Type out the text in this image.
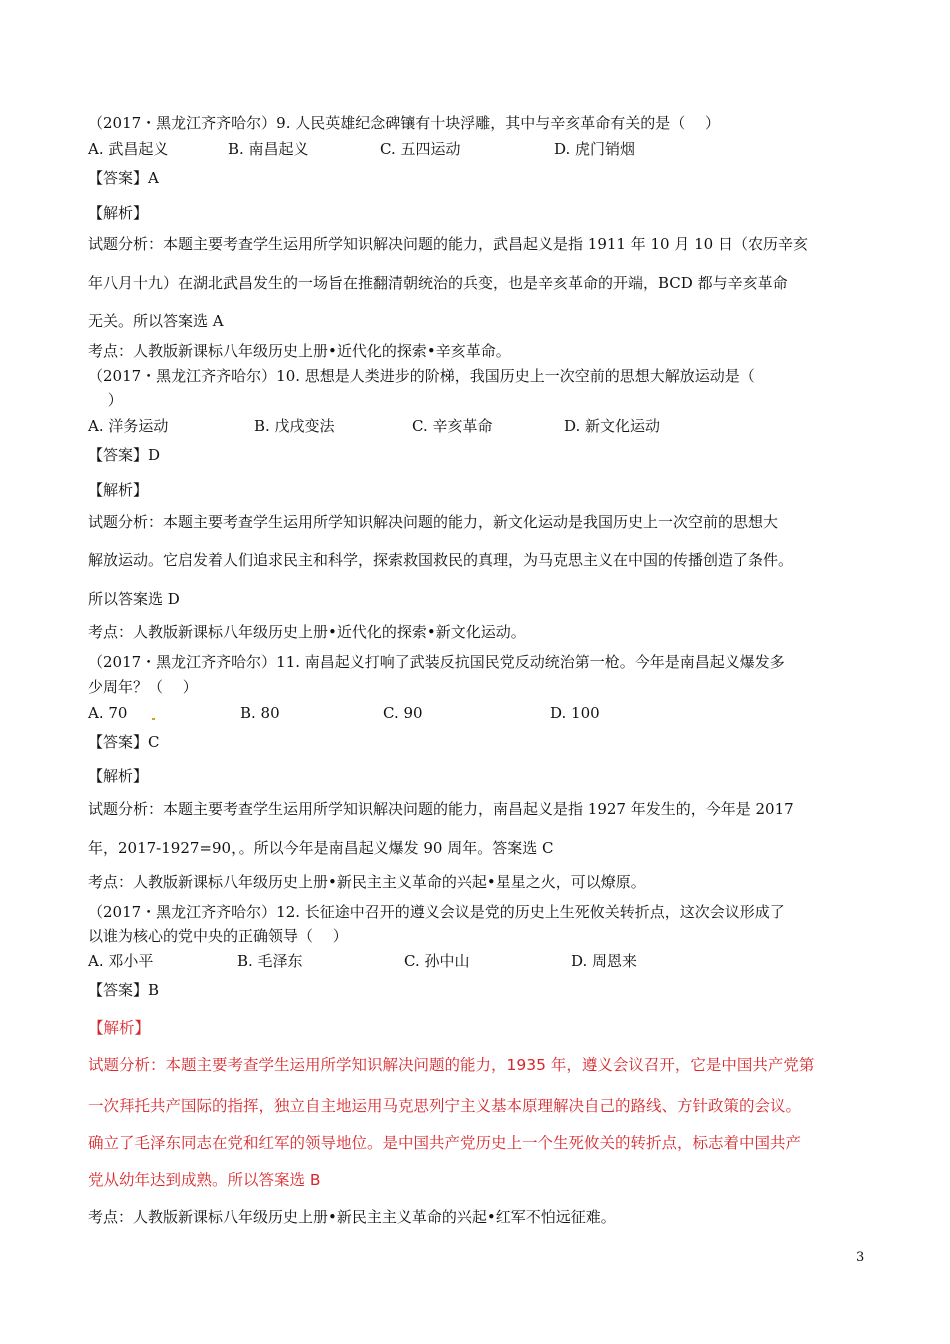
（2017・黑龙江齐齐哈尔）9. 人民英雄纪念碑镶有十块浮雕，其中与辛亥革命有关的是（　 ）
A. 武昌起义	B. 南昌起义	C. 五四运动	D. 虎门销烟
【答案】A
【解析】
试题分析：本题主要考查学生运用所学知识解决问题的能力，武昌起义是指 1911 年 10 月 10 日（农历辛亥
年八月十九）在湖北武昌发生的一场旨在推翻清朝统治的兵变，也是辛亥革命的开端，BCD 都与辛亥革命
无关。所以答案选 A
考点：人教版新课标八年级历史上册•近代化的探索•辛亥革命。
（2017・黑龙江齐齐哈尔）10. 思想是人类进步的阶梯，我国历史上一次空前的思想大解放运动是（
　 ）
A. 洋务运动	B. 戊戌变法	C. 辛亥革命	D. 新文化运动
【答案】D
【解析】
试题分析：本题主要考查学生运用所学知识解决问题的能力，新文化运动是我国历史上一次空前的思想大
解放运动。它启发着人们追求民主和科学，探索救国救民的真理，为马克思主义在中国的传播创造了条件。
所以答案选 D
考点：人教版新课标八年级历史上册•近代化的探索•新文化运动。
（2017・黑龙江齐齐哈尔）11. 南昌起义打响了武装反抗国民党反动统治第一枪。今年是南昌起义爆发多
少周年？（　 ）
A. 70	B. 80	C. 90	D. 100
【答案】C
【解析】
试题分析：本题主要考查学生运用所学知识解决问题的能力，南昌起义是指 1927 年发生的，今年是 2017
年，2017-1927=90，。所以今年是南昌起义爆发 90 周年。答案选 C
考点：人教版新课标八年级历史上册•新民主主义革命的兴起•星星之火，可以燎原。
（2017・黑龙江齐齐哈尔）12. 长征途中召开的遵义会议是党的历史上生死攸关转折点，这次会议形成了
以谁为核心的党中央的正确领导（　 ）
A. 邓小平	B. 毛泽东	C. 孙中山	D. 周恩来
【答案】B
【解析】
试题分析：本题主要考查学生运用所学知识解决问题的能力，1935 年，遵义会议召开，它是中国共产党第
一次拜托共产国际的指挥，独立自主地运用马克思列宁主义基本原理解决自己的路线、方针政策的会议。
确立了毛泽东同志在党和红军的领导地位。是中国共产党历史上一个生死攸关的转折点，标志着中国共产
党从幼年达到成熟。所以答案选 B
考点：人教版新课标八年级历史上册•新民主主义革命的兴起•红军不怕远征难。
3
